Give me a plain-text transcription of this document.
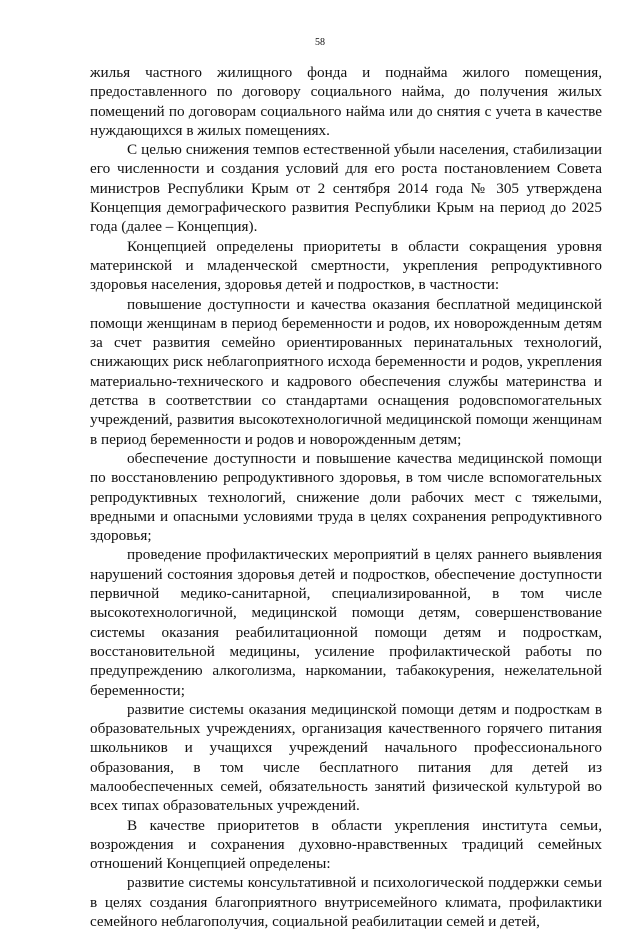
58

жилья частного жилищного фонда и поднайма жилого помещения, предоставленного по договору социального найма, до получения жилых помещений по договорам социального найма или до снятия с учета в качестве нуждающихся в жилых помещениях.

С целью снижения темпов естественной убыли населения, стабилизации его численности и создания условий для его роста постановлением Совета министров Республики Крым от 2 сентября 2014 года № 305 утверждена Концепция демографического развития Республики Крым на период до 2025 года (далее – Концепция).

Концепцией определены приоритеты в области сокращения уровня материнской и младенческой смертности, укрепления репродуктивного здоровья населения, здоровья детей и подростков, в частности:

повышение доступности и качества оказания бесплатной медицинской помощи женщинам в период беременности и родов, их новорожденным детям за счет развития семейно ориентированных перинатальных технологий, снижающих риск неблагоприятного исхода беременности и родов, укрепления материально-технического и кадрового обеспечения службы материнства и детства в соответствии со стандартами оснащения родовспомогательных учреждений, развития высокотехнологичной медицинской помощи женщинам в период беременности и родов и новорожденным детям;

обеспечение доступности и повышение качества медицинской помощи по восстановлению репродуктивного здоровья, в том числе вспомогательных репродуктивных технологий, снижение доли рабочих мест с тяжелыми, вредными и опасными условиями труда в целях сохранения репродуктивного здоровья;

проведение профилактических мероприятий в целях раннего выявления нарушений состояния здоровья детей и подростков, обеспечение доступности первичной медико-санитарной, специализированной, в том числе высокотехнологичной, медицинской помощи детям, совершенствование системы оказания реабилитационной помощи детям и подросткам, восстановительной медицины, усиление профилактической работы по предупреждению алкоголизма, наркомании, табакокурения, нежелательной беременности;

развитие системы оказания медицинской помощи детям и подросткам в образовательных учреждениях, организация качественного горячего питания школьников и учащихся учреждений начального профессионального образования, в том числе бесплатного питания для детей из малообеспеченных семей, обязательность занятий физической культурой во всех типах образовательных учреждений.

В качестве приоритетов в области укрепления института семьи, возрождения и сохранения духовно-нравственных традиций семейных отношений Концепцией определены:

развитие системы консультативной и психологической поддержки семьи в целях создания благоприятного внутрисемейного климата, профилактики семейного неблагополучия, социальной реабилитации семей и детей,
